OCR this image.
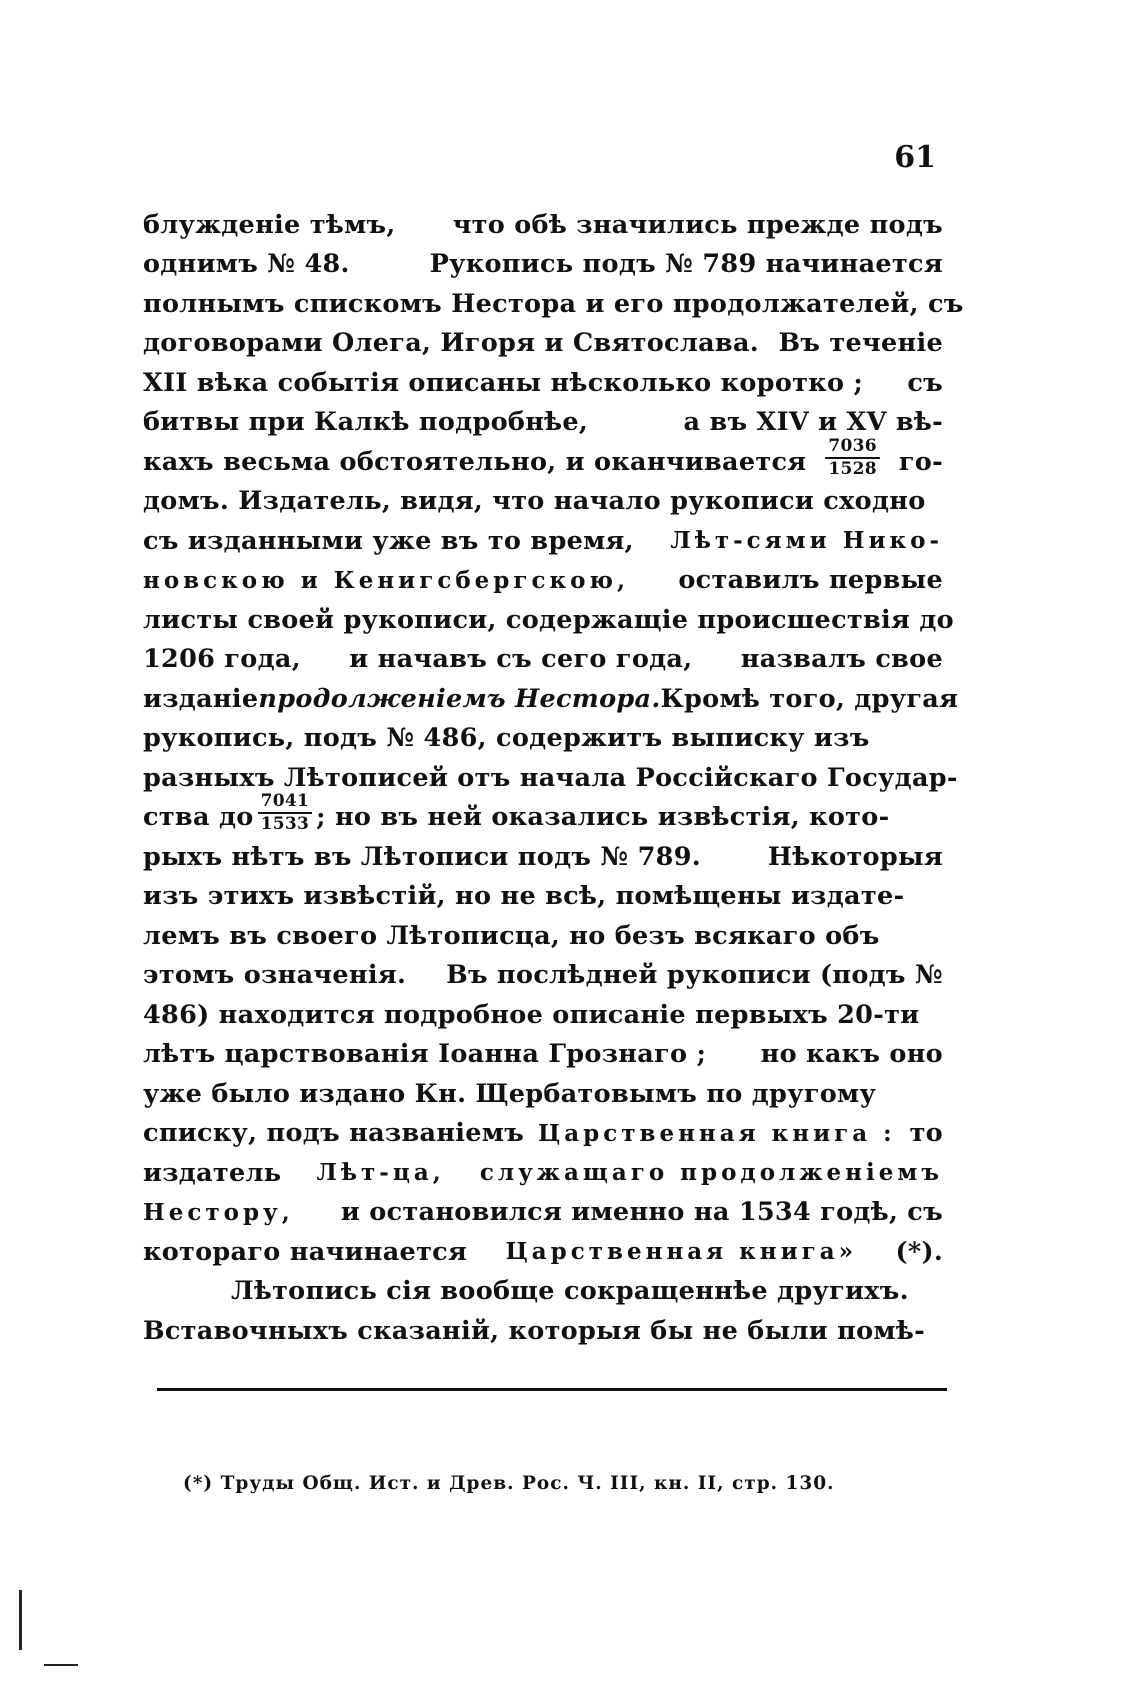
61
блужденіе тѣмъ, что обѣ значились прежде подъ
однимъ № 48.	Рукопись подъ № 789 начинается
полнымъ спискомъ Нестора и его продолжателей, съ
договорами Олега, Игоря и Святослава. Въ теченіе
XII вѣка событія описаны нѣсколько коротко ; съ
битвы при Калкѣ подробнѣе,	а въ XIV и XV вѣ-
кахъ весьма обстоятельно, и оканчивается $\frac{7036}{1528} го-$
домъ. Издатель, видя, что начало рукописи сходно
съ изданными уже въ то время, Лѣт-сями Нико-
новскою и Кенигсбергскою, оставилъ первые
листы своей рукописи, содержащіе происшествія до
1206 года, и начавъ съ сего года, назвалъ свое
изданіе продолженіемъ Нестора. Кромѣ того, другая
рукопись, подъ № 486, содержитъ выписку изъ
разныхъ Лѣтописей отъ начала Россійскаго Государ-
ства до $\frac{7041}{1533}$ ; но въ ней оказались извѣстія, кото-
рыхъ нѣтъ въ Лѣтописи подъ № 789.	Нѣкоторыя
изъ этихъ извѣстій, но не всѣ, помѣщены издате-
лемъ въ своего Лѣтописца, но безъ всякаго объ
этомъ означенія. Въ послѣдней рукописи (подъ №
486) находится подробное описаніе первыхъ 20-ти
лѣтъ царствованія Іоанна Грознаго ; но какъ оно
уже было издано Кн. Щербатовымъ по другому
списку, подъ названіемъ Царственная книга : то
издатель Лѣт-ца, служащаго продолженіемъ
Нестору, и остановился именно на 1534 годѣ, съ
котораго начинается Царственная книга» (*).
Лѣтопись сія вообще сокращеннѣе другихъ.
Вставочныхъ сказаній, которыя бы не были помѣ-
(*) Труды Общ. Ист. и Древ. Рос. Ч. III, кн. II, стр. 130.
